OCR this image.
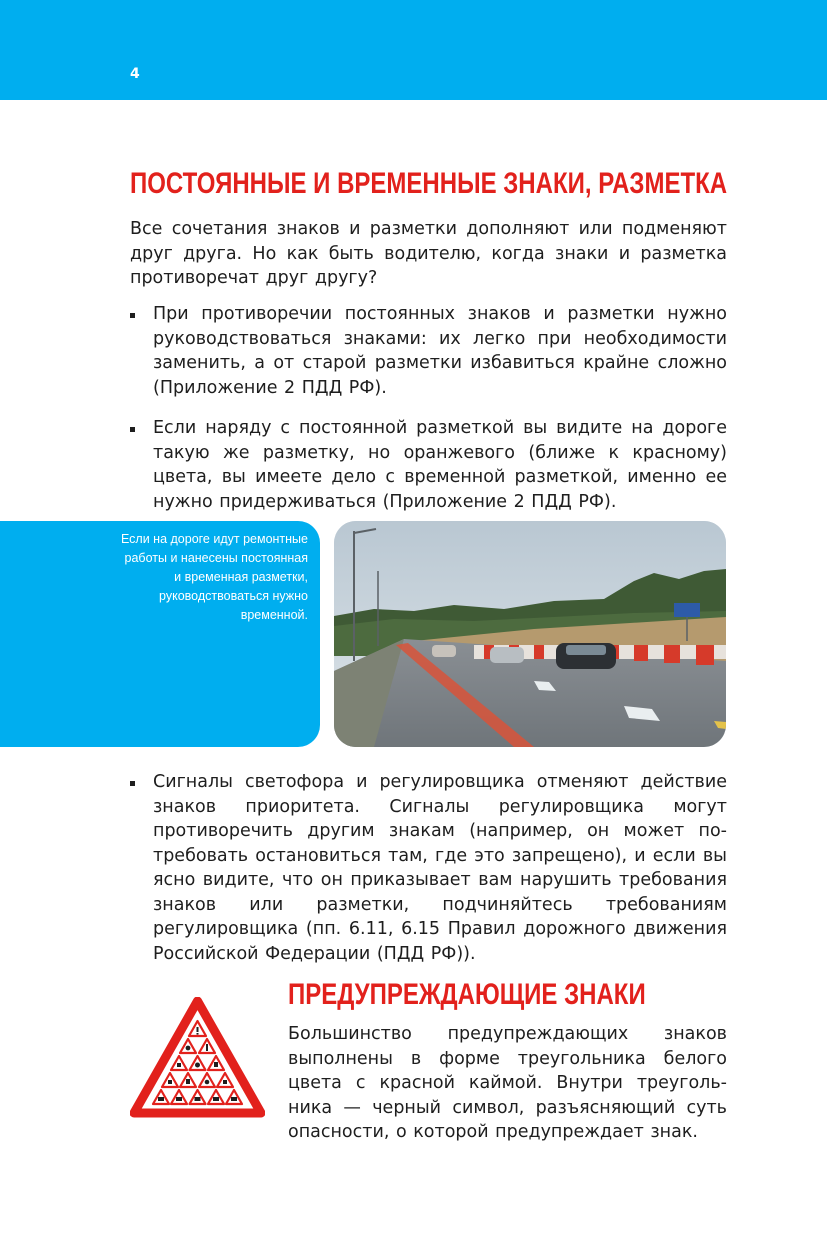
4
ПОСТОЯННЫЕ И ВРЕМЕННЫЕ ЗНАКИ, РАЗМЕТКА

Все сочетания знаков и разметки дополняют или подменяют друг друга. Но как быть водителю, когда знаки и разметка противоречат друг другу?

При противоречии постоянных знаков и разметки нужно руководствоваться знаками: их легко при необходимости заменить, а от старой разметки избавиться крайне сложно (Приложение 2 ПДД РФ).
Если наряду с постоянной разметкой вы видите на дороге такую же разметку, но оранжевого (ближе к красному) цвета, вы имеете дело с временной разметкой, именно ее нужно придерживаться (Приложение 2 ПДД РФ).

Если на дороге идут ремонтные работы и нанесены постоянная и временная разметки, руководствоваться нужно временной.

Сигналы светофора и регулировщика отменяют действие знаков приоритета. Сигналы регулировщика могут противоречить другим знакам (например, он может потребовать остановиться там, где это запрещено), и если вы ясно видите, что он приказывает вам нарушить требования знаков или разметки, подчиняйтесь требованиям регулировщика (пп. 6.11, 6.15 Правил дорожного движения Российской Федерации (ПДД РФ)).
ПРЕДУПРЕЖДАЮЩИЕ ЗНАКИ

Большинство предупреждающих знаков выполнены в форме треугольника белого цвета с красной каймой. Внутри треугольника — черный символ, разъясняющий суть опасности, о которой предупреждает знак.
